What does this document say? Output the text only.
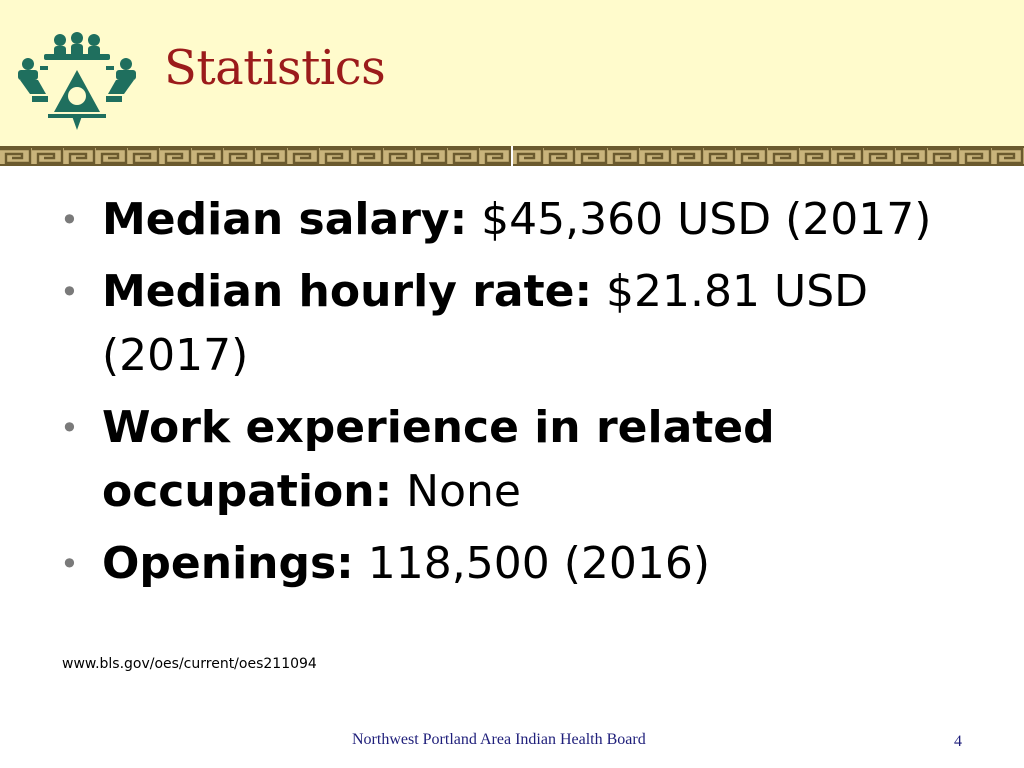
Statistics
• Median salary: $45,360 USD (2017)
• Median hourly rate: $21.81 USD (2017)
• Work experience in related occupation: None
• Openings: 118,500 (2016)
www.bls.gov/oes/current/oes211094
Northwest Portland Area Indian Health Board	4
